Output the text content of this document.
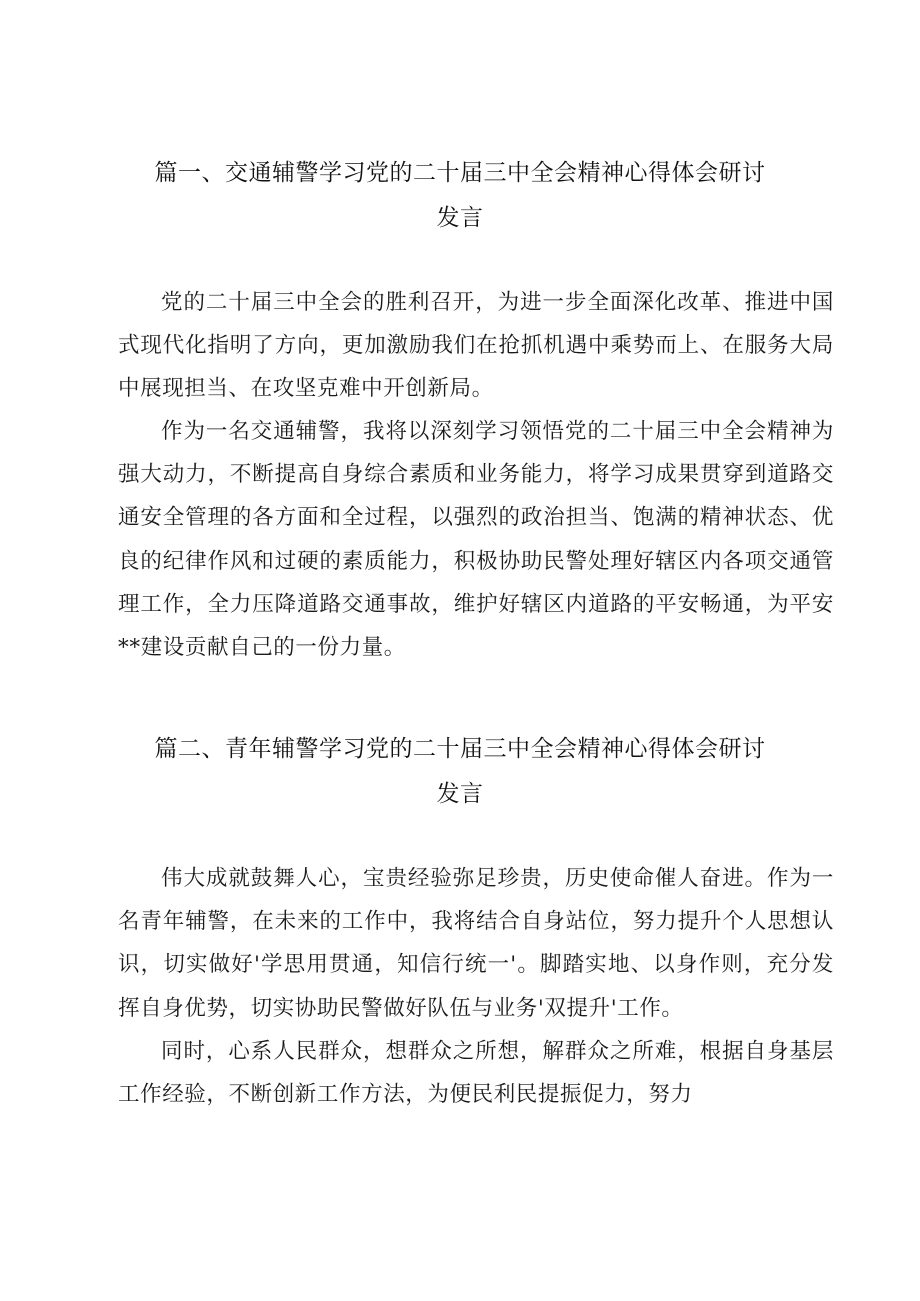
篇一、交通辅警学习党的二十届三中全会精神心得体会研讨发言

党的二十届三中全会的胜利召开，为进一步全面深化改革、推进中国式现代化指明了方向，更加激励我们在抢抓机遇中乘势而上、在服务大局中展现担当、在攻坚克难中开创新局。

作为一名交通辅警，我将以深刻学习领悟党的二十届三中全会精神为强大动力，不断提高自身综合素质和业务能力，将学习成果贯穿到道路交通安全管理的各方面和全过程，以强烈的政治担当、饱满的精神状态、优良的纪律作风和过硬的素质能力，积极协助民警处理好辖区内各项交通管理工作，全力压降道路交通事故，维护好辖区内道路的平安畅通，为平安**建设贡献自己的一份力量。

篇二、青年辅警学习党的二十届三中全会精神心得体会研讨发言

伟大成就鼓舞人心，宝贵经验弥足珍贵，历史使命催人奋进。作为一名青年辅警，在未来的工作中，我将结合自身站位，努力提升个人思想认识，切实做好'学思用贯通，知信行统一'。脚踏实地、以身作则，充分发挥自身优势，切实协助民警做好队伍与业务'双提升'工作。

同时，心系人民群众，想群众之所想，解群众之所难，根据自身基层工作经验，不断创新工作方法，为便民利民提振促力，努力
